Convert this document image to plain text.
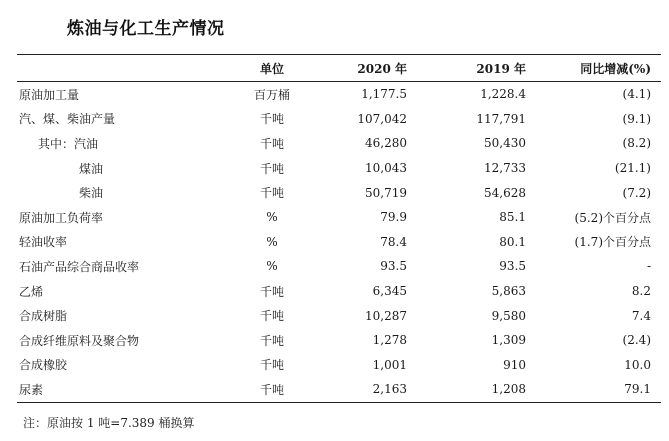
炼油与化工生产情况
	单位	2020 年	2019 年	同比增减(%)
原油加工量	百万桶	1,177.5	1,228.4	(4.1)
汽、煤、柴油产量	千吨	107,042	117,791	(9.1)
其中：汽油	千吨	46,280	50,430	(8.2)
煤油	千吨	10,043	12,733	(21.1)
柴油	千吨	50,719	54,628	(7.2)
原油加工负荷率	%	79.9	85.1	(5.2)个百分点
轻油收率	%	78.4	80.1	(1.7)个百分点
石油产品综合商品收率	%	93.5	93.5	-
乙烯	千吨	6,345	5,863	8.2
合成树脂	千吨	10,287	9,580	7.4
合成纤维原料及聚合物	千吨	1,278	1,309	(2.4)
合成橡胶	千吨	1,001	910	10.0
尿素	千吨	2,163	1,208	79.1
注：原油按 1 吨=7.389 桶换算
